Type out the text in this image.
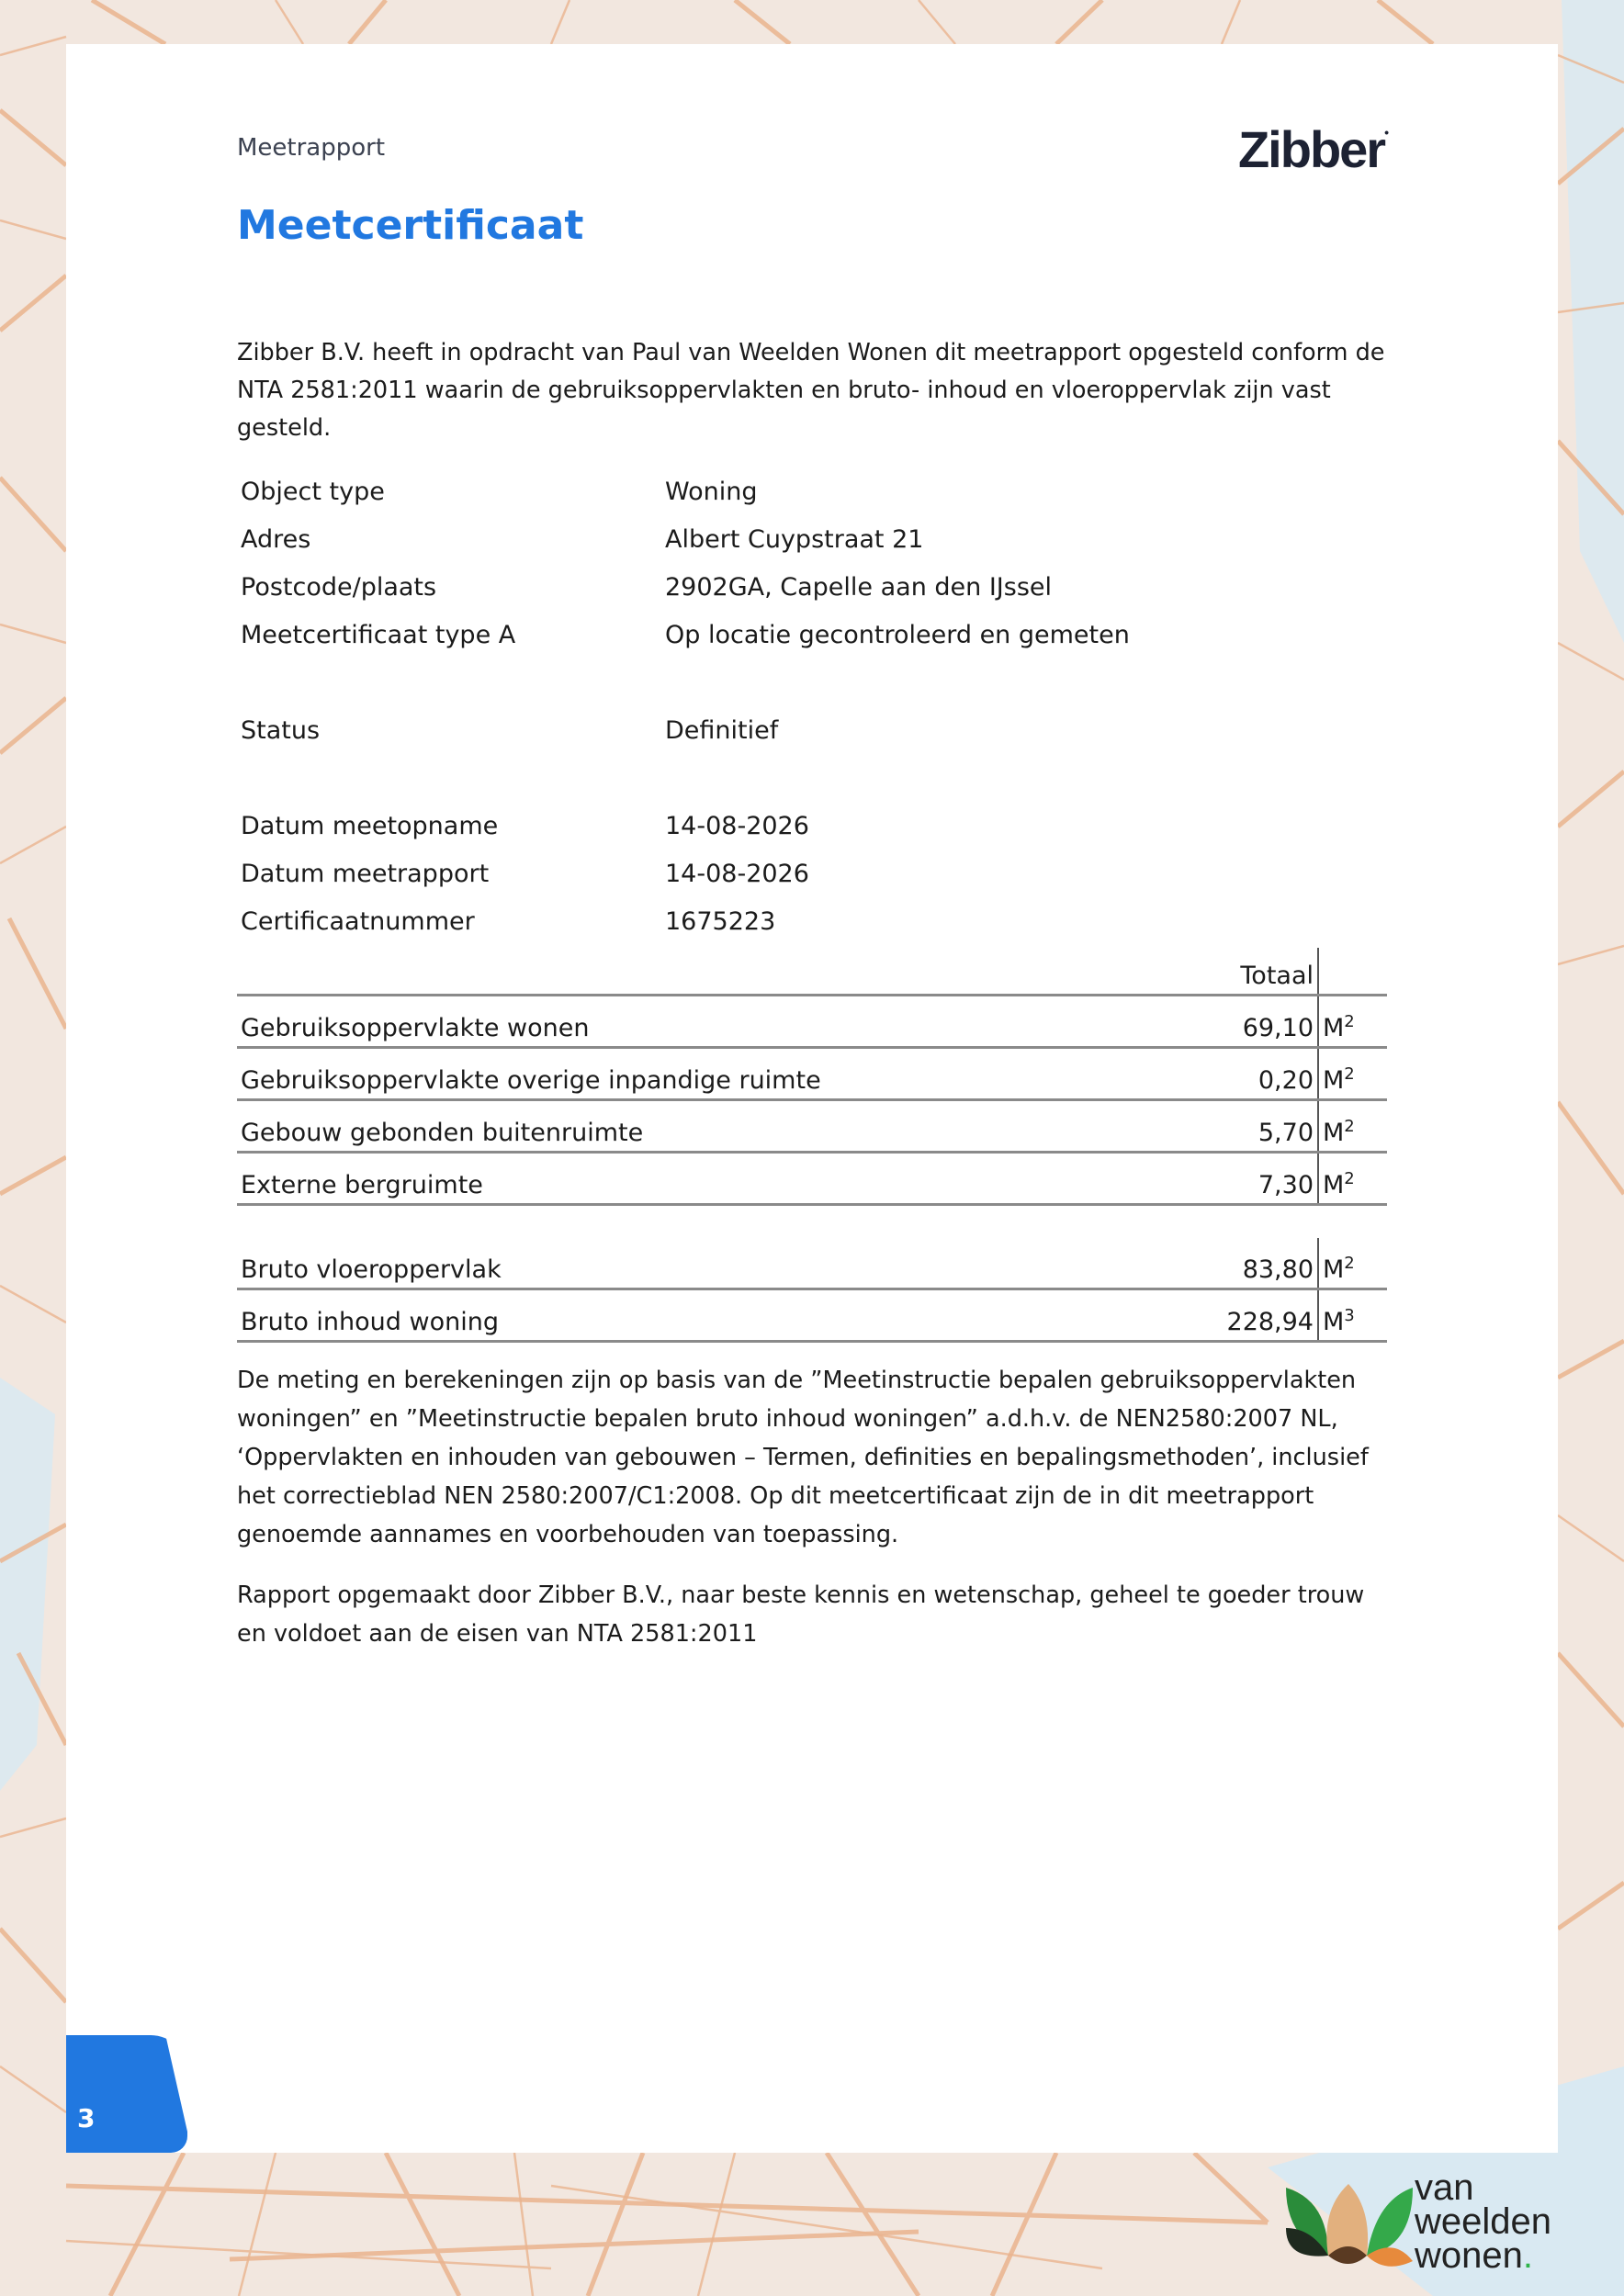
Meetrapport	Zibber•
Meetcertificaat

Zibber B.V. heeft in opdracht van Paul van Weelden Wonen dit meetrapport opgesteld conform de NTA 2581:2011 waarin de gebruiksoppervlakten en bruto- inhoud en vloeroppervlak zijn vast gesteld.

Object type	Woning
Adres	Albert Cuypstraat 21
Postcode/plaats	2902GA, Capelle aan den IJssel
Meetcertificaat type A	Op locatie gecontroleerd en gemeten
Status	Definitief
Datum meetopname	14-08-2026
Datum meetrapport	14-08-2026
Certificaatnummer	1675223
	Totaal	
Gebruiksoppervlakte wonen	69,10	$M^2$
Gebruiksoppervlakte overige inpandige ruimte	0,20	$M^2$
Gebouw gebonden buitenruimte	5,70	$M^2$
Externe bergruimte	7,30	$M^2$
Bruto vloeroppervlak	83,80	$M^2$
Bruto inhoud woning	228,94	$M^3$

De meting en berekeningen zijn op basis van de ”Meetinstructie bepalen gebruiksoppervlakten woningen” en ”Meetinstructie bepalen bruto inhoud woningen” a.d.h.v. de NEN2580:2007 NL, ‘Oppervlakten en inhouden van gebouwen – Termen, definities en bepalingsmethoden’, inclusief het correctieblad NEN 2580:2007/C1:2008. Op dit meetcertificaat zijn de in dit meetrapport genoemde aannames en voorbehouden van toepassing.

Rapport opgemaakt door Zibber B.V., naar beste kennis en wetenschap, geheel te goeder trouw en voldoet aan de eisen van NTA 2581:2011

3
van
weelden
wonen.
